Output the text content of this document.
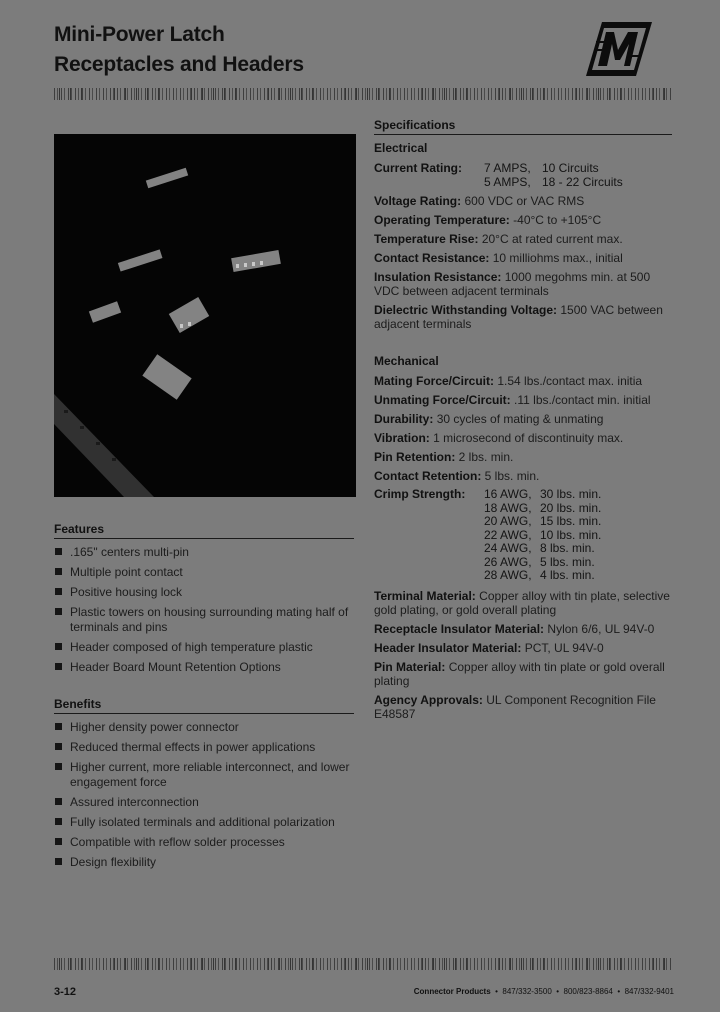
Mini-Power Latch
Receptacles and Headers
Features
.165" centers multi-pin
Multiple point contact
Positive housing lock
Plastic towers on housing surrounding mating half of terminals and pins
Header composed of high temperature plastic
Header Board Mount Retention Options
Benefits
Higher density power connector
Reduced thermal effects in power applications
Higher current, more reliable interconnect, and lower engagement force
Assured interconnection
Fully isolated terminals and additional polarization
Compatible with reflow solder processes
Design flexibility
Specifications
Electrical
Current Rating:	7 AMPS, 10 Circuits
5 AMPS, 18 - 22 Circuits
Voltage Rating: 600 VDC or VAC RMS
Operating Temperature: -40°C to +105°C
Temperature Rise: 20°C at rated current max.
Contact Resistance: 10 milliohms max., initial
Insulation Resistance: 1000 megohms min. at 500 VDC between adjacent terminals
Dielectric Withstanding Voltage: 1500 VAC between adjacent terminals
Mechanical
Mating Force/Circuit: 1.54 lbs./contact max. initia
Unmating Force/Circuit: .11 lbs./contact min. initial
Durability: 30 cycles of mating & unmating
Vibration: 1 microsecond of discontinuity max.
Pin Retention: 2 lbs. min.
Contact Retention: 5 lbs. min.
Crimp Strength:	16 AWG, 30 lbs. min.
18 AWG, 20 lbs. min.
20 AWG, 15 lbs. min.
22 AWG, 10 lbs. min.
24 AWG, 8 lbs. min.
26 AWG, 5 lbs. min.
28 AWG, 4 lbs. min.
Terminal Material: Copper alloy with tin plate, selective gold plating, or gold overall plating
Receptacle Insulator Material: Nylon 6/6, UL 94V-0
Header Insulator Material: PCT, UL 94V-0
Pin Material: Copper alloy with tin plate or gold overall plating
Agency Approvals: UL Component Recognition File E48587
3-12	Connector Products • 847/332-3500 • 800/823-8864 • 847/332-9401
